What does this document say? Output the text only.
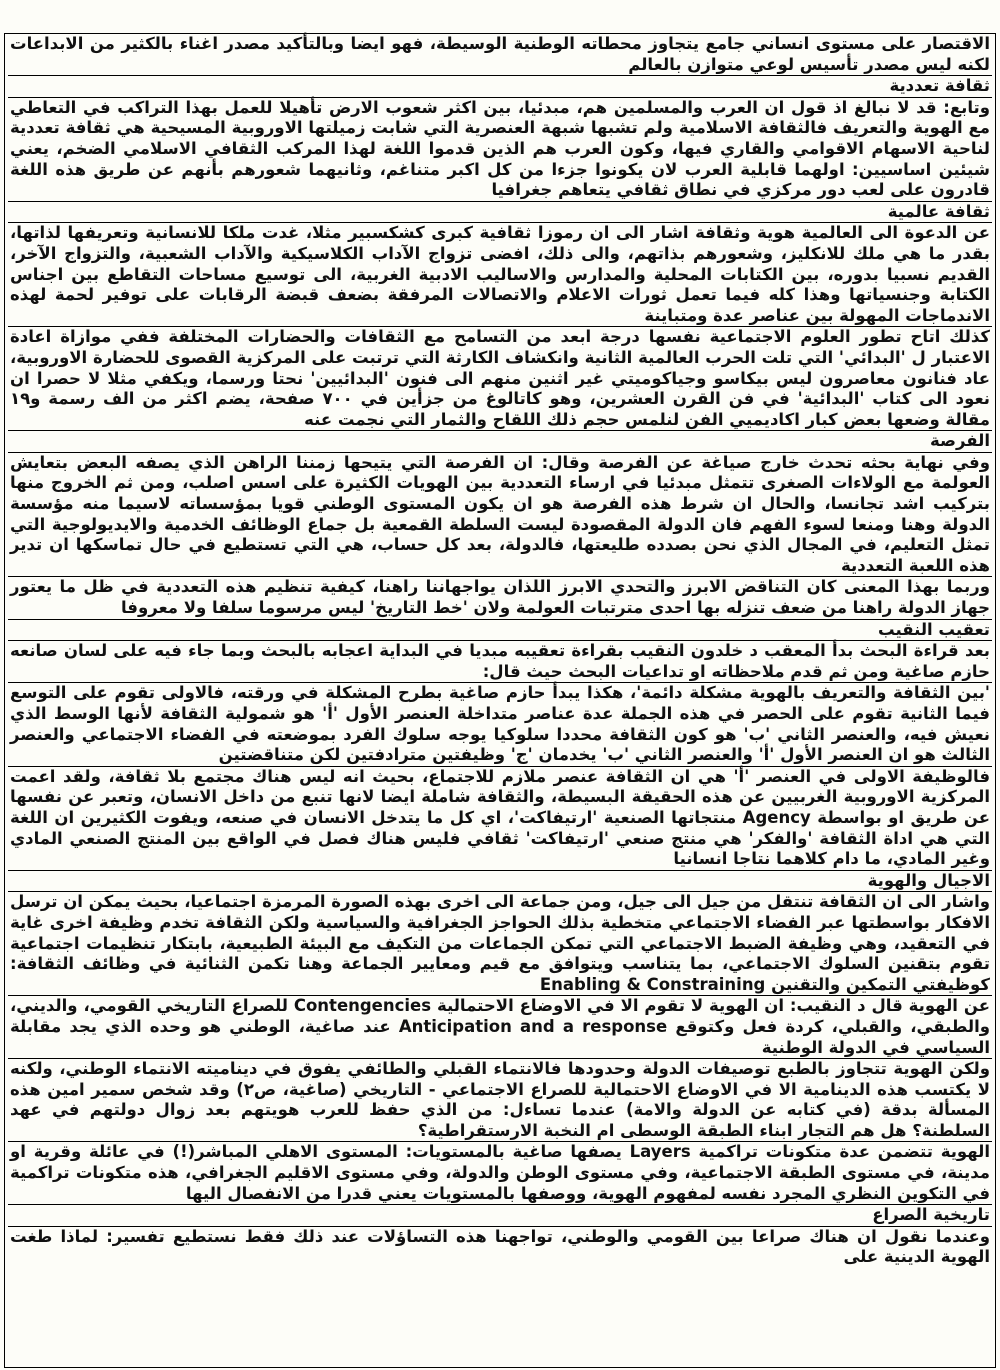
الاقتصار على مستوى انساني جامع يتجاوز محطاته الوطنية الوسيطة، فهو ايضا وبالتأكيد مصدر اغناء بالكثير من الابداعات لكنه ليس مصدر تأسيس لوعي متوازن بالعالم

ثقافة تعددية

وتابع: قد لا نبالغ اذ قول ان العرب والمسلمين هم، مبدئيا، بين اكثر شعوب الارض تأهيلا للعمل بهذا التراكب في التعاطي مع الهوية والتعريف فالثقافة الاسلامية ولم تشبها شبهة العنصرية التي شابت زميلتها الاوروبية المسيحية هي ثقافة تعددية لناحية الاسهام الاقوامي والقاري فيها، وكون العرب هم الذين قدموا اللغة لهذا المركب الثقافي الاسلامي الضخم، يعني شيئين اساسيين: اولهما قابلية العرب لان يكونوا جزءا من كل اكبر متناغم، وثانيهما شعورهم بأنهم عن طريق هذه اللغة قادرون على لعب دور مركزي في نطاق ثقافي يتعاهم جغرافيا

ثقافة عالمية

عن الدعوة الى العالمية هوية وثقافة اشار الى ان رموزا ثقافية كبرى كشكسبير مثلا، غدت ملكا للانسانية وتعريفها لذاتها، بقدر ما هي ملك للانكليز، وشعورهم بذاتهم، والى ذلك، افضى تزواج الآداب الكلاسيكية والآداب الشعبية، والتزواج الآخر، القديم نسبيا بدوره، بين الكتابات المحلية والمدارس والاساليب الادبية الغربية، الى توسيع مساحات التقاطع بين اجناس الكتابة وجنسياتها وهذا كله فيما تعمل ثورات الاعلام والاتصالات المرفقة بضعف قبضة الرقابات على توفير لحمة لهذه الاندماجات المهولة بين عناصر عدة ومتباينة

كذلك اتاح تطور العلوم الاجتماعية نفسها درجة ابعد من التسامح مع الثقافات والحضارات المختلفة ففي موازاة اعادة الاعتبار ل 'البدائي' التي تلت الحرب العالمية الثانية وانكشاف الكارثة التي ترتبت على المركزية القصوى للحضارة الاوروبية، عاد فنانون معاصرون ليس بيكاسو وجياكوميتي غير اثنين منهم الى فنون 'البدائيين' نحتا ورسما، ويكفي مثلا لا حصرا ان نعود الى كتاب 'البدائية' في فن القرن العشرين، وهو كاتالوغ من جزأين في ٧٠٠ صفحة، يضم اكثر من الف رسمة و١٩ مقالة وضعها بعض كبار اكاديميي الفن لنلمس حجم ذلك اللقاح والثمار التي نجمت عنه

الفرصة

وفي نهاية بحثه تحدث خارج صياغة عن الفرصة وقال: ان الفرصة التي يتيحها زمننا الراهن الذي يصفه البعض بتعايش العولمة مع الولاءات الصغرى تتمثل مبدئيا في ارساء التعددية بين الهويات الكثيرة على اسس اصلب، ومن ثم الخروج منها بتركيب اشد تجانسا، والحال ان شرط هذه الفرصة هو ان يكون المستوى الوطني قويا بمؤسساته لاسيما منه مؤسسة الدولة وهنا ومنعا لسوء الفهم فان الدولة المقصودة ليست السلطة القمعية بل جماع الوظائف الخدمية والايديولوجية التي تمثل التعليم، في المجال الذي نحن بصدده طليعتها، فالدولة، بعد كل حساب، هي التي تستطيع في حال تماسكها ان تدير هذه اللعبة التعددية

وربما بهذا المعنى كان التناقض الابرز والتحدي الابرز اللذان يواجهاننا راهنا، كيفية تنظيم هذه التعددية في ظل ما يعتور جهاز الدولة راهنا من ضعف تنزله بها احدى مترتبات العولمة ولان 'خط التاريخ' ليس مرسوما سلفا ولا معروفا

تعقيب النقيب

بعد قراءة البحث بدأ المعقب د خلدون النقيب بقراءة تعقيبه مبديا في البداية اعجابه بالبحث وبما جاء فيه على لسان صانعه حازم صاغية ومن ثم قدم ملاحظاته او تداعيات البحث حيث قال:

'بين الثقافة والتعريف بالهوية مشكلة دائمة'، هكذا يبدأ حازم صاغية بطرح المشكلة في ورقته، فالاولى تقوم على التوسع فيما الثانية تقوم على الحصر في هذه الجملة عدة عناصر متداخلة العنصر الأول 'أ' هو شمولية الثقافة لأنها الوسط الذي نعيش فيه، والعنصر الثاني 'ب' هو كون الثقافة محددا سلوكيا يوجه سلوك الفرد بموضعته في الفضاء الاجتماعي والعنصر الثالث هو ان العنصر الأول 'أ' والعنصر الثاني 'ب' يخدمان 'ج' وظيفتين مترادفتين لكن متناقضتين

فالوظيفة الاولى في العنصر 'أ' هي ان الثقافة عنصر ملازم للاجتماع، بحيث انه ليس هناك مجتمع بلا ثقافة، ولقد اعمت المركزية الاوروبية الغربيين عن هذه الحقيقة البسيطة، والثقافة شاملة ايضا لانها تنبع من داخل الانسان، وتعبر عن نفسها عن طريق او بواسطة Agency منتجاتها الصنعية 'ارتيفاكت'، اي كل ما يتدخل الانسان في صنعه، ويفوت الكثيرين ان اللغة التي هي اداة الثقافة 'والفكر' هي منتج صنعي 'ارتيفاكت' ثقافي فليس هناك فصل في الواقع بين المنتج الصنعي المادي وغير المادي، ما دام كلاهما نتاجا انسانيا

الاجيال والهوية

واشار الى ان الثقافة تنتقل من جيل الى جيل، ومن جماعة الى اخرى بهذه الصورة المرمزة اجتماعيا، بحيث يمكن ان ترسل الافكار بواسطتها عبر الفضاء الاجتماعي متخطية بذلك الحواجز الجغرافية والسياسية ولكن الثقافة تخدم وظيفة اخرى غاية في التعقيد، وهي وظيفة الضبط الاجتماعي التي تمكن الجماعات من التكيف مع البيئة الطبيعية، بابتكار تنظيمات اجتماعية تقوم بتقنين السلوك الاجتماعي، بما يتناسب ويتوافق مع قيم ومعايير الجماعة وهنا تكمن الثنائية في وظائف الثقافة: كوظيفتي التمكين والتقنين Enabling & Constraining

عن الهوية قال د النقيب: ان الهوية لا تقوم الا في الاوضاع الاحتمالية Contengencies للصراع التاريخي القومي، والديني، والطبقي، والقبلي، كردة فعل وكتوقع Anticipation and a response عند صاغية، الوطني هو وحده الذي يجد مقابلة السياسي في الدولة الوطنية

ولكن الهوية تتجاوز بالطبع توصيفات الدولة وحدودها فالانتماء القبلي والطائفي يفوق في ديناميته الانتماء الوطني، ولكنه لا يكتسب هذه الدينامية الا في الاوضاع الاحتمالية للصراع الاجتماعي - التاريخي (صاغية، ص٢) وقد شخص سمير امين هذه المسألة بدقة (في كتابه عن الدولة والامة) عندما تساءل: من الذي حفظ للعرب هويتهم بعد زوال دولتهم في عهد السلطنة؟ هل هم التجار ابناء الطبقة الوسطى ام النخبة الارستقراطية؟

الهوية تتضمن عدة متكونات تراكمية Layers يصفها صاغية بالمستويات: المستوى الاهلي المباشر(!) في عائلة وقرية او مدينة، في مستوى الطبقة الاجتماعية، وفي مستوى الوطن والدولة، وفي مستوى الاقليم الجغرافي، هذه متكونات تراكمية في التكوين النظري المجرد نفسه لمفهوم الهوية، ووصفها بالمستويات يعني قدرا من الانفصال اليها

تاريخية الصراع

وعندما نقول ان هناك صراعا بين القومي والوطني، تواجهنا هذه التساؤلات عند ذلك فقط نستطيع تفسير: لماذا طغت الهوية الدينية على
